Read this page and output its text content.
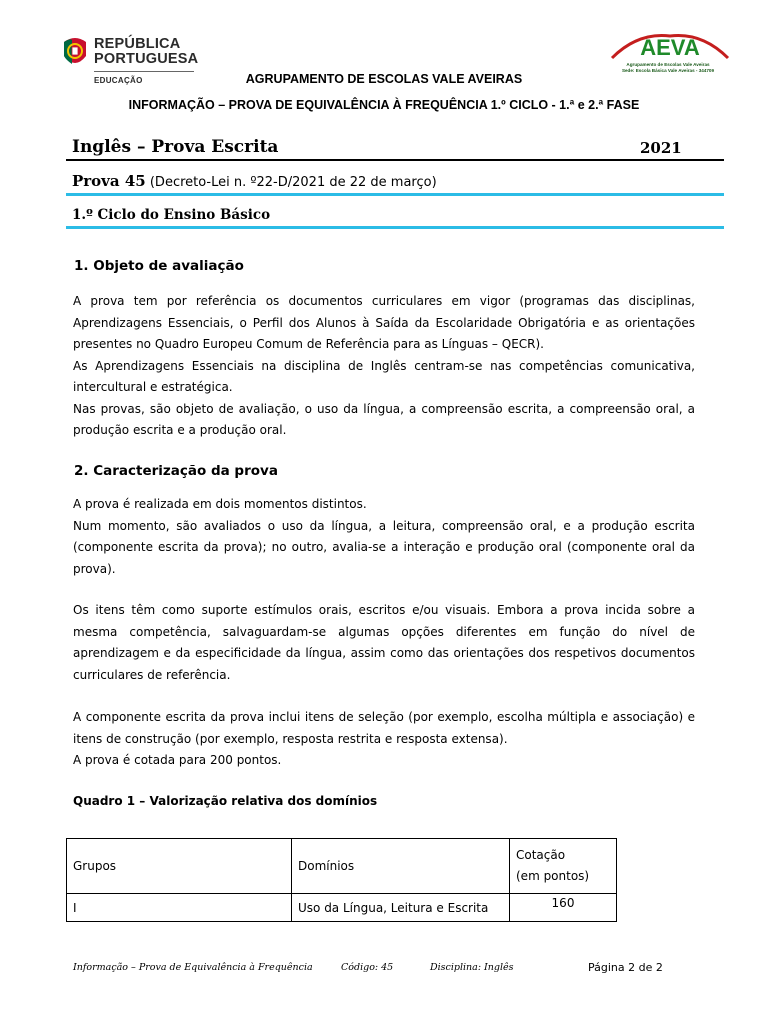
REPÚBLICA
PORTUGUESA
EDUCAÇÃO
AEVA
Agrupamento de Escolas Vale Aveiras
Sede: Escola Básica Vale Aveiras - 344709
AGRUPAMENTO DE ESCOLAS VALE AVEIRAS
INFORMAÇÃO – PROVA DE EQUIVALÊNCIA À FREQUÊNCIA 1.º CICLO - 1.ª e 2.ª FASE
Inglês – Prova Escrita	2021
Prova 45 (Decreto-Lei n. º22-D/2021 de 22 de março)
1.º Ciclo do Ensino Básico
1. Objeto de avaliação

A prova tem por referência os documentos curriculares em vigor (programas das disciplinas, Aprendizagens Essenciais, o Perfil dos Alunos à Saída da Escolaridade Obrigatória e as orientações presentes no Quadro Europeu Comum de Referência para as Línguas – QECR).

As Aprendizagens Essenciais na disciplina de Inglês centram-se nas competências comunicativa, intercultural e estratégica.

Nas provas, são objeto de avaliação, o uso da língua, a compreensão escrita, a compreensão oral, a produção escrita e a produção oral.

2. Caracterização da prova

A prova é realizada em dois momentos distintos.

Num momento, são avaliados o uso da língua, a leitura, compreensão oral, e a produção escrita (componente escrita da prova); no outro, avalia-se a interação e produção oral (componente oral da prova).

Os itens têm como suporte estímulos orais, escritos e/ou visuais. Embora a prova incida sobre a mesma competência, salvaguardam-se algumas opções diferentes em função do nível de aprendizagem e da especificidade da língua, assim como das orientações dos respetivos documentos curriculares de referência.

A componente escrita da prova inclui itens de seleção (por exemplo, escolha múltipla e associação) e itens de construção (por exemplo, resposta restrita e resposta extensa).

A prova é cotada para 200 pontos.

Quadro 1 – Valorização relativa dos domínios
Grupos	Domínios	Cotação
(em pontos)

I	Uso da Língua, Leitura e Escrita	160
Informação – Prova de Equivalência à Frequência	Código: 45	Disciplina: Inglês	Página 2 de 2
